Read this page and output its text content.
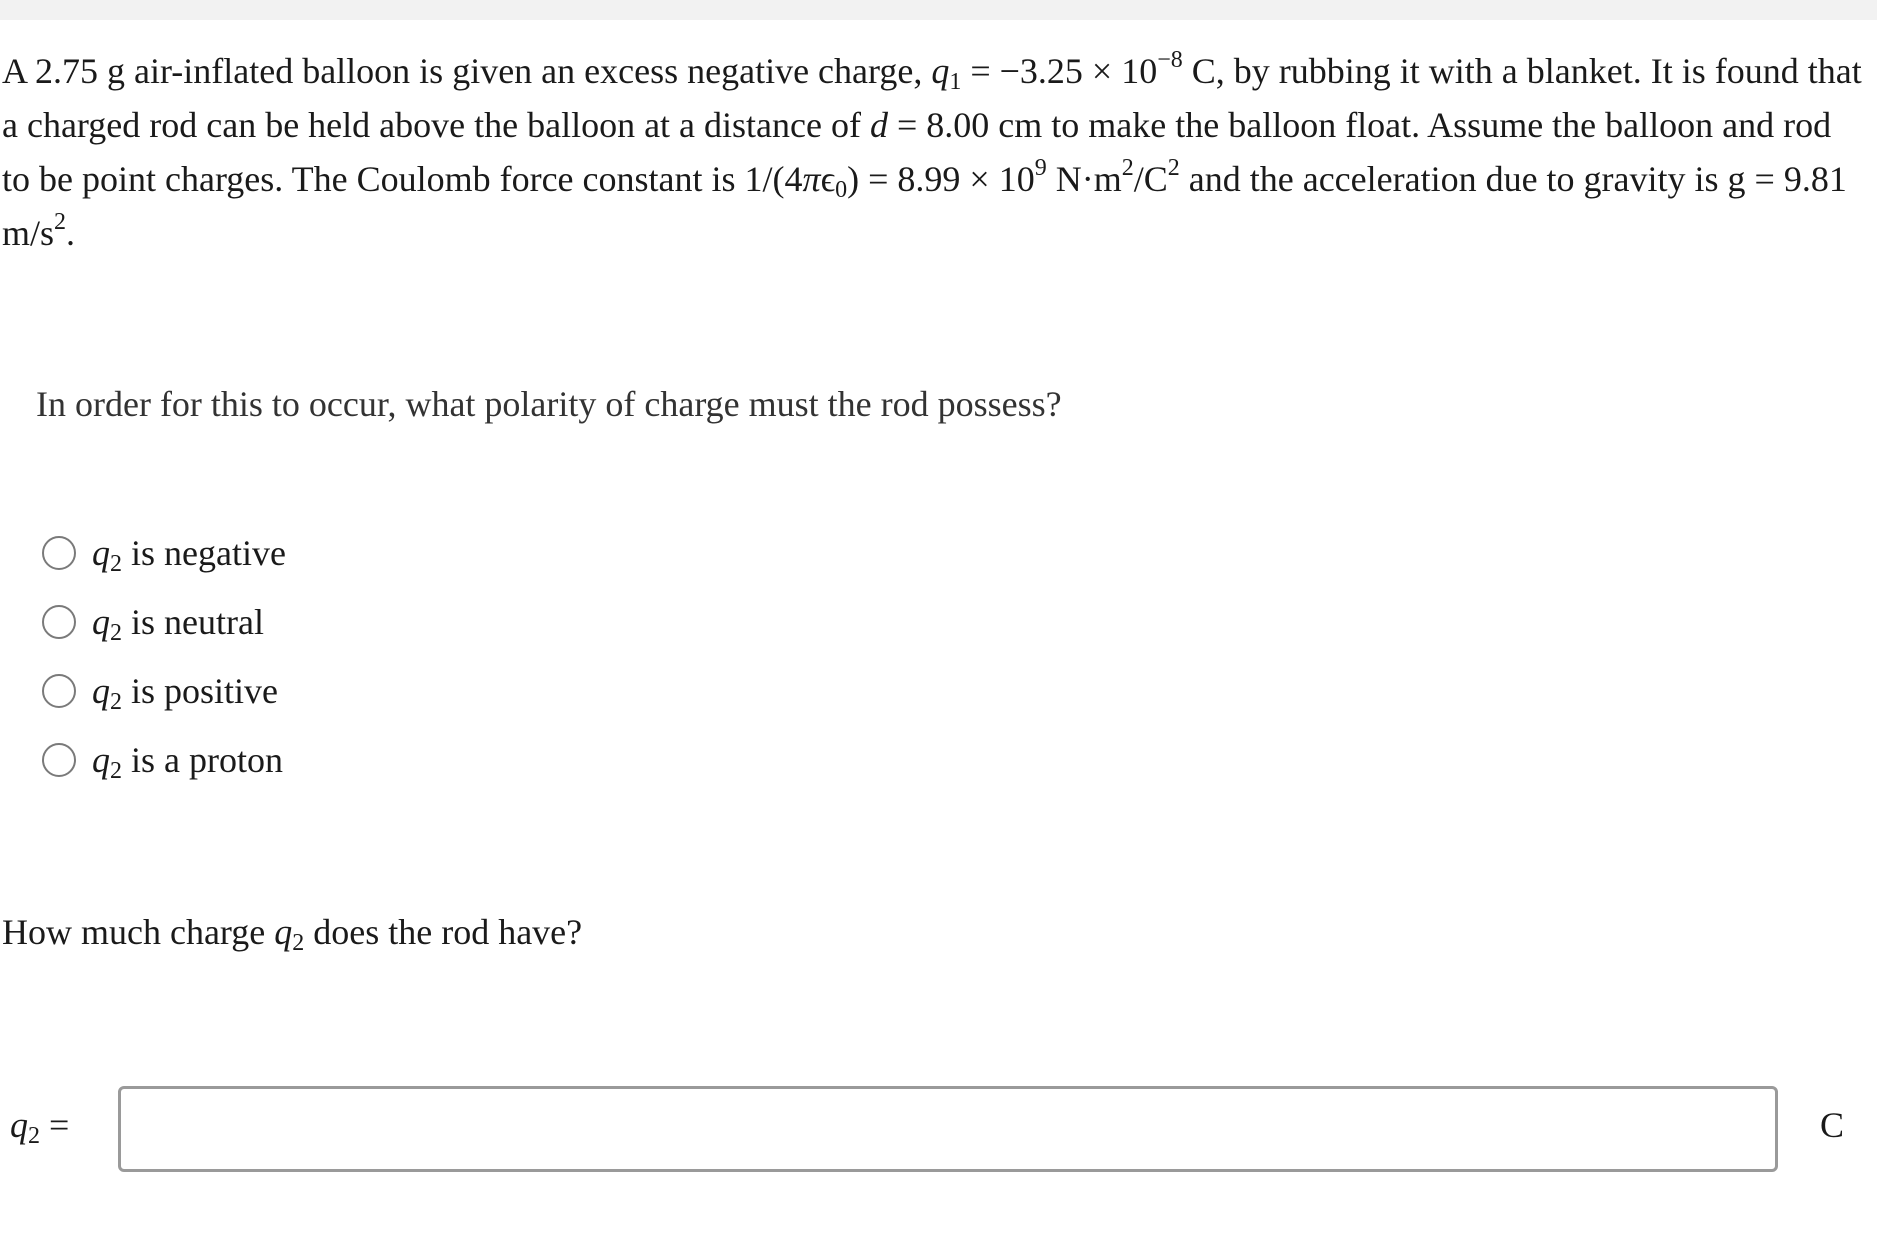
A 2.75 g air-inflated balloon is given an excess negative charge, $q_1 = -3.25 \times 10^{-8}$ C, by rubbing it with a blanket. It is found that a charged rod can be held above the balloon at a distance of d = 8.00 cm to make the balloon float. Assume the balloon and rod to be point charges. The Coulomb force constant is $1/(4\pi\epsilon_0) = 8.99 \times 10^9$ $N\cdot m^2/C^2$ and the acceleration due to gravity is g = 9.81 $m/s^2$.
In order for this to occur, what polarity of charge must the rod possess?
$q_2$ is negative
$q_2$ is neutral
$q_2$ is positive
$q_2$ is a proton
How much charge $q_2$ does the rod have?
$q_2$ =	C
